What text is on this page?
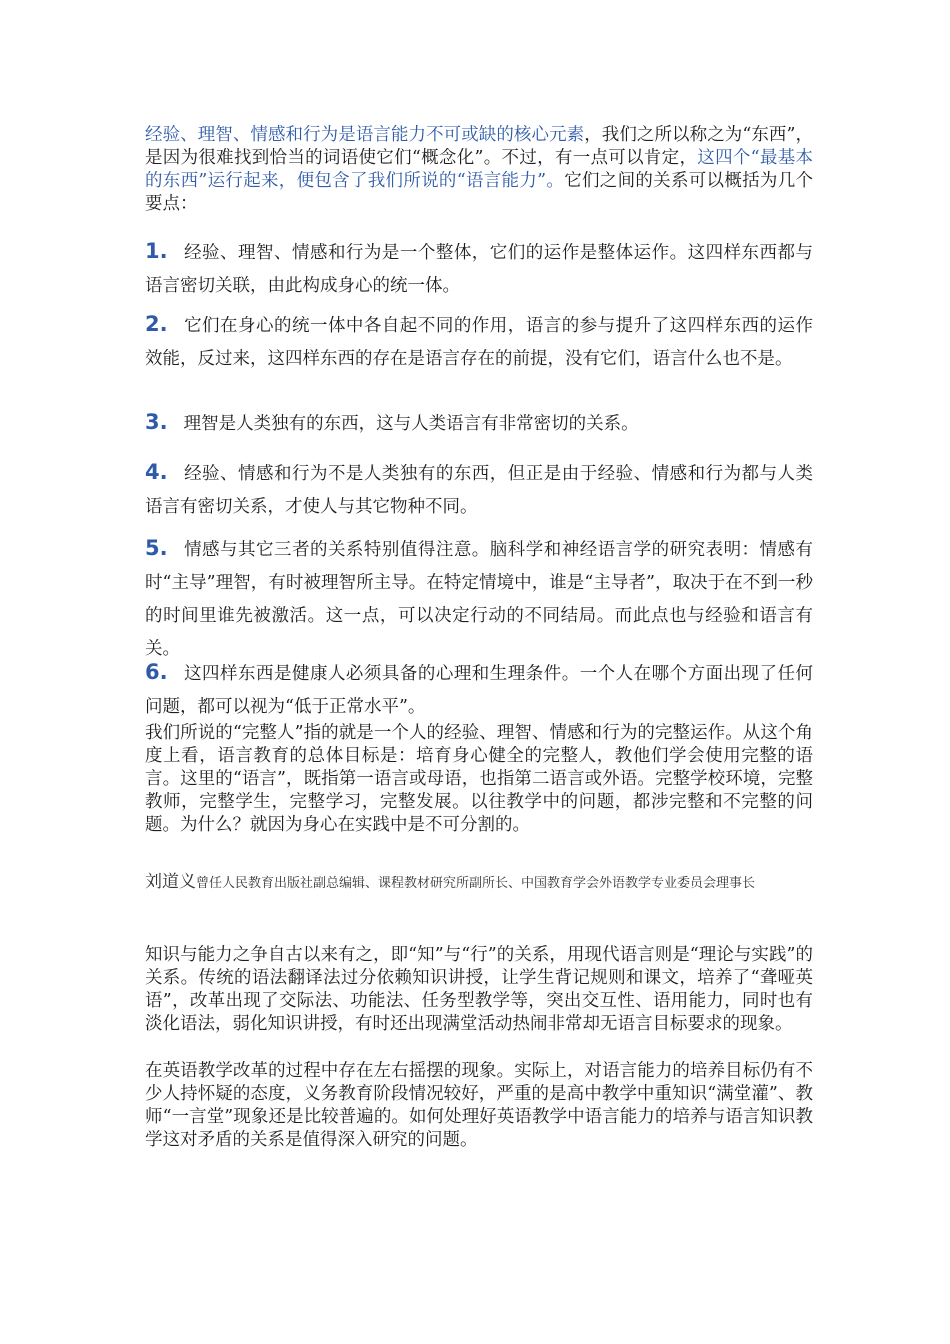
经验、理智、情感和行为是语言能力不可或缺的核心元素，我们之所以称之为“东西”，是因为很难找到恰当的词语使它们“概念化”。不过，有一点可以肯定，这四个“最基本的东西”运行起来，便包含了我们所说的“语言能力”。它们之间的关系可以概括为几个要点：

1. 经验、理智、情感和行为是一个整体，它们的运作是整体运作。这四样东西都与语言密切关联，由此构成身心的统一体。

2. 它们在身心的统一体中各自起不同的作用，语言的参与提升了这四样东西的运作效能，反过来，这四样东西的存在是语言存在的前提，没有它们，语言什么也不是。

3. 理智是人类独有的东西，这与人类语言有非常密切的关系。

4. 经验、情感和行为不是人类独有的东西，但正是由于经验、情感和行为都与人类语言有密切关系，才使人与其它物种不同。

5. 情感与其它三者的关系特别值得注意。脑科学和神经语言学的研究表明：情感有时“主导”理智，有时被理智所主导。在特定情境中，谁是“主导者”，取决于在不到一秒的时间里谁先被激活。这一点，可以决定行动的不同结局。而此点也与经验和语言有关。

6. 这四样东西是健康人必须具备的心理和生理条件。一个人在哪个方面出现了任何问题，都可以视为“低于正常水平”。

我们所说的“完整人”指的就是一个人的经验、理智、情感和行为的完整运作。从这个角度上看，语言教育的总体目标是：培育身心健全的完整人，教他们学会使用完整的语言。这里的“语言”，既指第一语言或母语，也指第二语言或外语。完整学校环境，完整教师，完整学生，完整学习，完整发展。以往教学中的问题，都涉完整和不完整的问题。为什么？就因为身心在实践中是不可分割的。

刘道义曾任人民教育出版社副总编辑、课程教材研究所副所长、中国教育学会外语教学专业委员会理事长

知识与能力之争自古以来有之，即“知”与“行”的关系，用现代语言则是“理论与实践”的关系。传统的语法翻译法过分依赖知识讲授，让学生背记规则和课文，培养了“聋哑英语”，改革出现了交际法、功能法、任务型教学等，突出交互性、语用能力，同时也有淡化语法，弱化知识讲授，有时还出现满堂活动热闹非常却无语言目标要求的现象。

在英语教学改革的过程中存在左右摇摆的现象。实际上，对语言能力的培养目标仍有不少人持怀疑的态度，义务教育阶段情况较好，严重的是高中教学中重知识“满堂灌”、教师“一言堂”现象还是比较普遍的。如何处理好英语教学中语言能力的培养与语言知识教学这对矛盾的关系是值得深入研究的问题。
